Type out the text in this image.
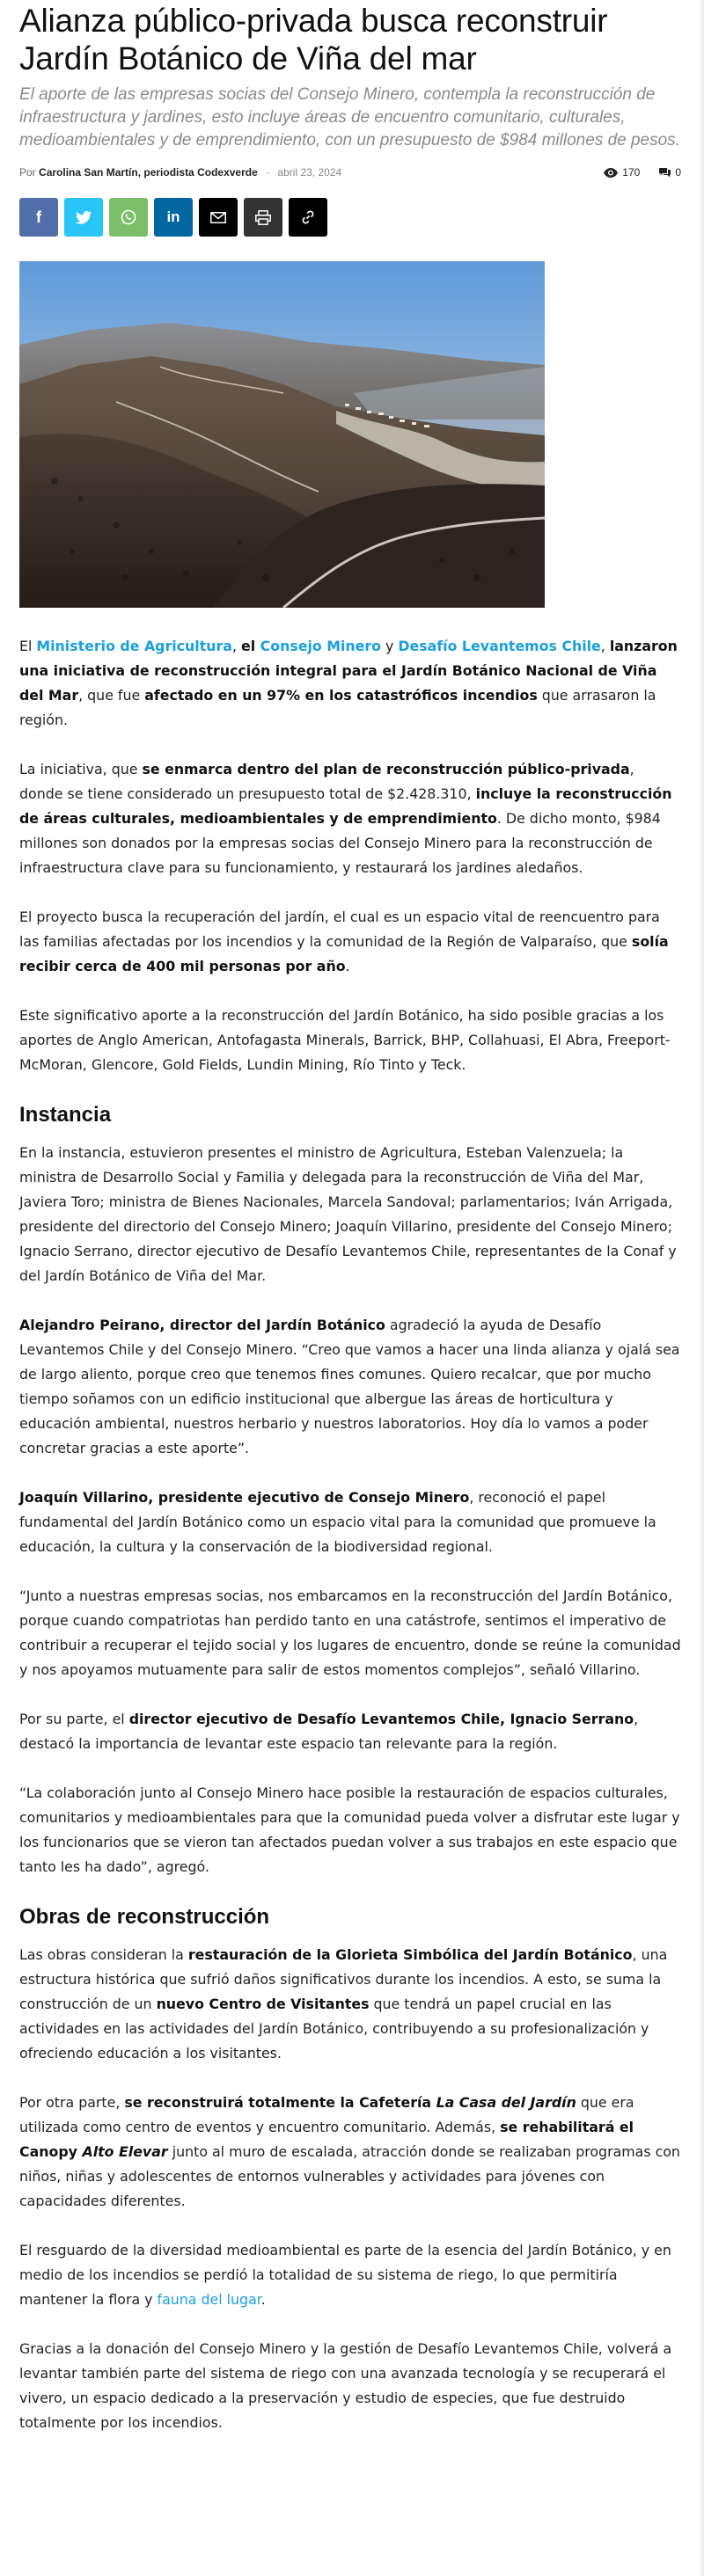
Alianza público-privada busca reconstruir Jardín Botánico de Viña del mar

El aporte de las empresas socias del Consejo Minero, contempla la reconstrucción de infraestructura y jardines, esto incluye áreas de encuentro comunitario, culturales, medioambientales y de emprendimiento, con un presupuesto de $984 millones de pesos.

Por Carolina San Martín, periodista Codexverde - abril 23, 2024	170	0
f	in

El Ministerio de Agricultura, el Consejo Minero y Desafío Levantemos Chile, lanzaron una iniciativa de reconstrucción integral para el Jardín Botánico Nacional de Viña del Mar, que fue afectado en un 97% en los catastróficos incendios que arrasaron la región.

La iniciativa, que se enmarca dentro del plan de reconstrucción público-privada, donde se tiene considerado un presupuesto total de $2.428.310, incluye la reconstrucción de áreas culturales, medioambientales y de emprendimiento. De dicho monto, $984 millones son donados por la empresas socias del Consejo Minero para la reconstrucción de infraestructura clave para su funcionamiento, y restaurará los jardines aledaños.

El proyecto busca la recuperación del jardín, el cual es un espacio vital de reencuentro para las familias afectadas por los incendios y la comunidad de la Región de Valparaíso, que solía recibir cerca de 400 mil personas por año.

Este significativo aporte a la reconstrucción del Jardín Botánico, ha sido posible gracias a los aportes de Anglo American, Antofagasta Minerals, Barrick, BHP, Collahuasi, El Abra, Freeport-McMoran, Glencore, Gold Fields, Lundin Mining, Río Tinto y Teck.

Instancia

En la instancia, estuvieron presentes el ministro de Agricultura, Esteban Valenzuela; la ministra de Desarrollo Social y Familia y delegada para la reconstrucción de Viña del Mar, Javiera Toro; ministra de Bienes Nacionales, Marcela Sandoval; parlamentarios; Iván Arrigada, presidente del directorio del Consejo Minero; Joaquín Villarino, presidente del Consejo Minero; Ignacio Serrano, director ejecutivo de Desafío Levantemos Chile, representantes de la Conaf y del Jardín Botánico de Viña del Mar.

Alejandro Peirano, director del Jardín Botánico agradeció la ayuda de Desafío Levantemos Chile y del Consejo Minero. “Creo que vamos a hacer una linda alianza y ojalá sea de largo aliento, porque creo que tenemos fines comunes. Quiero recalcar, que por mucho tiempo soñamos con un edificio institucional que albergue las áreas de horticultura y educación ambiental, nuestros herbario y nuestros laboratorios. Hoy día lo vamos a poder concretar gracias a este aporte”.

Joaquín Villarino, presidente ejecutivo de Consejo Minero, reconoció el papel fundamental del Jardín Botánico como un espacio vital para la comunidad que promueve la educación, la cultura y la conservación de la biodiversidad regional.

“Junto a nuestras empresas socias, nos embarcamos en la reconstrucción del Jardín Botánico, porque cuando compatriotas han perdido tanto en una catástrofe, sentimos el imperativo de contribuir a recuperar el tejido social y los lugares de encuentro, donde se reúne la comunidad y nos apoyamos mutuamente para salir de estos momentos complejos”, señaló Villarino.

Por su parte, el director ejecutivo de Desafío Levantemos Chile, Ignacio Serrano, destacó la importancia de levantar este espacio tan relevante para la región.

“La colaboración junto al Consejo Minero hace posible la restauración de espacios culturales, comunitarios y medioambientales para que la comunidad pueda volver a disfrutar este lugar y los funcionarios que se vieron tan afectados puedan volver a sus trabajos en este espacio que tanto les ha dado”, agregó.

Obras de reconstrucción

Las obras consideran la restauración de la Glorieta Simbólica del Jardín Botánico, una estructura histórica que sufrió daños significativos durante los incendios. A esto, se suma la construcción de un nuevo Centro de Visitantes que tendrá un papel crucial en las actividades en las actividades del Jardín Botánico, contribuyendo a su profesionalización y ofreciendo educación a los visitantes.

Por otra parte, se reconstruirá totalmente la Cafetería La Casa del Jardín que era utilizada como centro de eventos y encuentro comunitario. Además, se rehabilitará el Canopy Alto Elevar junto al muro de escalada, atracción donde se realizaban programas con niños, niñas y adolescentes de entornos vulnerables y actividades para jóvenes con capacidades diferentes.

El resguardo de la diversidad medioambiental es parte de la esencia del Jardín Botánico, y en medio de los incendios se perdió la totalidad de su sistema de riego, lo que permitiría mantener la flora y fauna del lugar.

Gracias a la donación del Consejo Minero y la gestión de Desafío Levantemos Chile, volverá a levantar también parte del sistema de riego con una avanzada tecnología y se recuperará el vivero, un espacio dedicado a la preservación y estudio de especies, que fue destruido totalmente por los incendios.
